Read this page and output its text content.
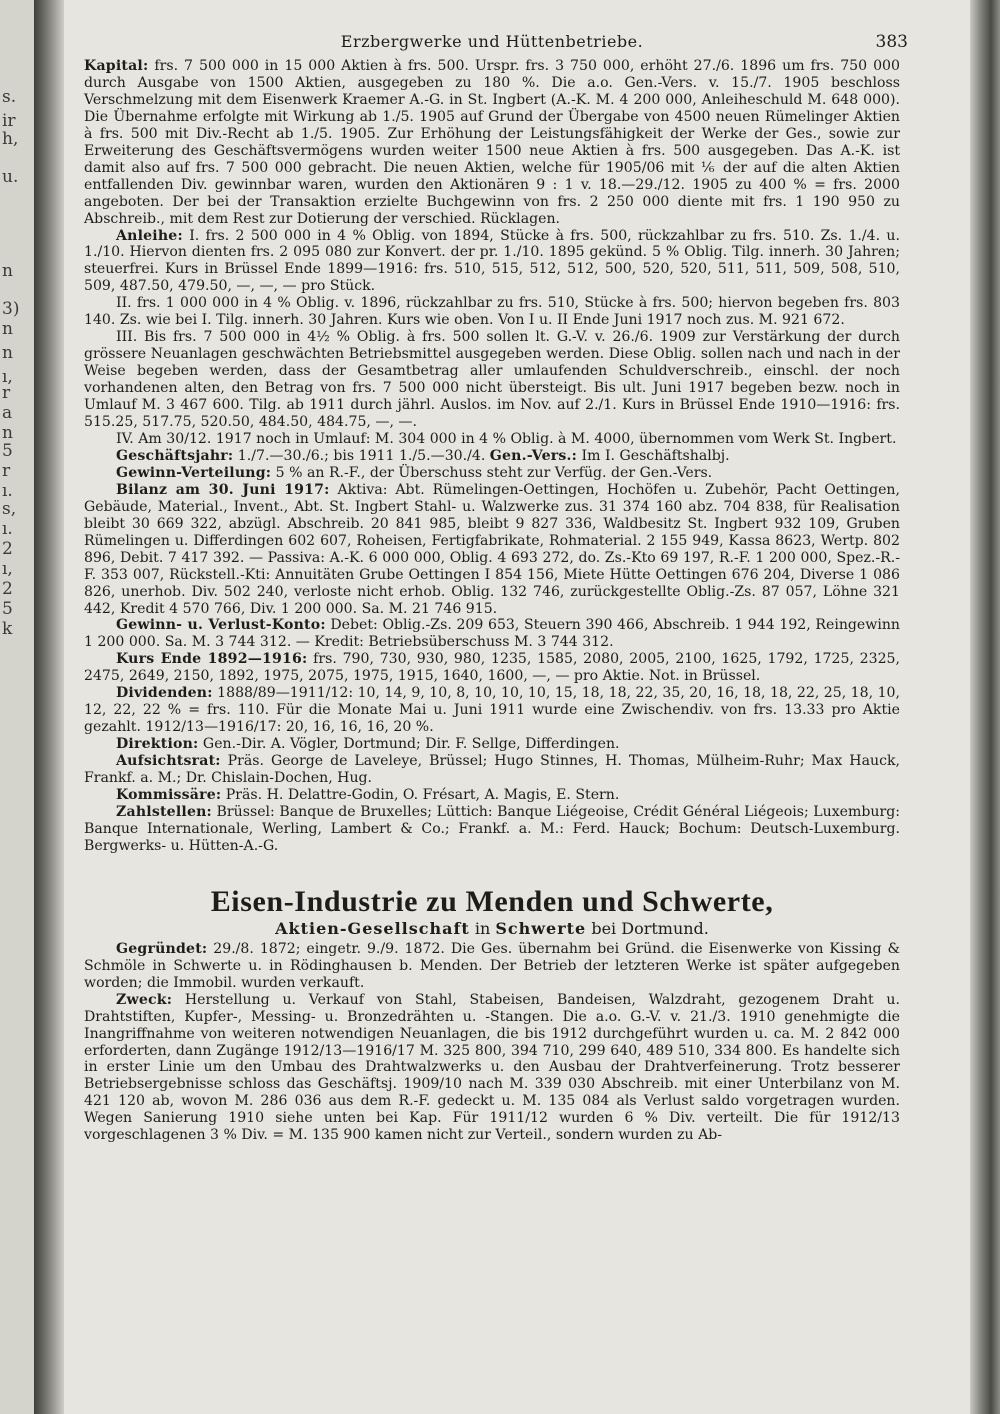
s.
ir
h,
u.
n
3)
n
n
ı,
r
a
n
5
r
ı.
s,
ı.
2
ı,
2
5
k
Erzbergwerke und Hüttenbetriebe.	383

Kapital: frs. 7 500 000 in 15 000 Aktien à frs. 500. Urspr. frs. 3 750 000, erhöht 27./6. 1896 um frs. 750 000 durch Ausgabe von 1500 Aktien, ausgegeben zu 180 %. Die a.o. Gen.-Vers. v. 15./7. 1905 beschloss Verschmelzung mit dem Eisenwerk Kraemer A.-G. in St. Ingbert (A.-K. M. 4 200 000, Anleiheschuld M. 648 000). Die Übernahme erfolgte mit Wirkung ab 1./5. 1905 auf Grund der Übergabe von 4500 neuen Rümelinger Aktien à frs. 500 mit Div.-Recht ab 1./5. 1905. Zur Erhöhung der Leistungsfähigkeit der Werke der Ges., sowie zur Erweiterung des Geschäftsvermögens wurden weiter 1500 neue Aktien à frs. 500 ausgegeben. Das A.-K. ist damit also auf frs. 7 500 000 gebracht. Die neuen Aktien, welche für 1905/06 mit ⅙ der auf die alten Aktien entfallenden Div. gewinnbar waren, wurden den Aktionären 9 : 1 v. 18.—29./12. 1905 zu 400 % = frs. 2000 angeboten. Der bei der Transaktion erzielte Buchgewinn von frs. 2 250 000 diente mit frs. 1 190 950 zu Abschreib., mit dem Rest zur Dotierung der verschied. Rücklagen.

Anleihe: I. frs. 2 500 000 in 4 % Oblig. von 1894, Stücke à frs. 500, rückzahlbar zu frs. 510. Zs. 1./4. u. 1./10. Hiervon dienten frs. 2 095 080 zur Konvert. der pr. 1./10. 1895 gekünd. 5 % Oblig. Tilg. innerh. 30 Jahren; steuerfrei. Kurs in Brüssel Ende 1899—1916: frs. 510, 515, 512, 512, 500, 520, 520, 511, 511, 509, 508, 510, 509, 487.50, 479.50, —, —, — pro Stück.

II. frs. 1 000 000 in 4 % Oblig. v. 1896, rückzahlbar zu frs. 510, Stücke à frs. 500; hiervon begeben frs. 803 140. Zs. wie bei I. Tilg. innerh. 30 Jahren. Kurs wie oben. Von I u. II Ende Juni 1917 noch zus. M. 921 672.

III. Bis frs. 7 500 000 in 4½ % Oblig. à frs. 500 sollen lt. G.-V. v. 26./6. 1909 zur Verstärkung der durch grössere Neuanlagen geschwächten Betriebsmittel ausgegeben werden. Diese Oblig. sollen nach und nach in der Weise begeben werden, dass der Gesamtbetrag aller umlaufenden Schuldverschreib., einschl. der noch vorhandenen alten, den Betrag von frs. 7 500 000 nicht übersteigt. Bis ult. Juni 1917 begeben bezw. noch in Umlauf M. 3 467 600. Tilg. ab 1911 durch jährl. Auslos. im Nov. auf 2./1. Kurs in Brüssel Ende 1910—1916: frs. 515.25, 517.75, 520.50, 484.50, 484.75, —, —.

IV. Am 30/12. 1917 noch in Umlauf: M. 304 000 in 4 % Oblig. à M. 4000, übernommen vom Werk St. Ingbert.

Geschäftsjahr: 1./7.—30./6.; bis 1911 1./5.—30./4. Gen.-Vers.: Im I. Geschäftshalbj.

Gewinn-Verteilung: 5 % an R.-F., der Überschuss steht zur Verfüg. der Gen.-Vers.

Bilanz am 30. Juni 1917: Aktiva: Abt. Rümelingen-Oettingen, Hochöfen u. Zubehör, Pacht Oettingen, Gebäude, Material., Invent., Abt. St. Ingbert Stahl- u. Walzwerke zus. 31 374 160 abz. 704 838, für Realisation bleibt 30 669 322, abzügl. Abschreib. 20 841 985, bleibt 9 827 336, Waldbesitz St. Ingbert 932 109, Gruben Rümelingen u. Differdingen 602 607, Roheisen, Fertigfabrikate, Rohmaterial. 2 155 949, Kassa 8623, Wertp. 802 896, Debit. 7 417 392. — Passiva: A.-K. 6 000 000, Oblig. 4 693 272, do. Zs.-Kto 69 197, R.-F. 1 200 000, Spez.-R.-F. 353 007, Rückstell.-Kti: Annuitäten Grube Oettingen I 854 156, Miete Hütte Oettingen 676 204, Diverse 1 086 826, unerhob. Div. 502 240, verloste nicht erhob. Oblig. 132 746, zurückgestellte Oblig.-Zs. 87 057, Löhne 321 442, Kredit 4 570 766, Div. 1 200 000. Sa. M. 21 746 915.

Gewinn- u. Verlust-Konto: Debet: Oblig.-Zs. 209 653, Steuern 390 466, Abschreib. 1 944 192, Reingewinn 1 200 000. Sa. M. 3 744 312. — Kredit: Betriebsüberschuss M. 3 744 312.

Kurs Ende 1892—1916: frs. 790, 730, 930, 980, 1235, 1585, 2080, 2005, 2100, 1625, 1792, 1725, 2325, 2475, 2649, 2150, 1892, 1975, 2075, 1975, 1915, 1640, 1600, —, — pro Aktie. Not. in Brüssel.

Dividenden: 1888/89—1911/12: 10, 14, 9, 10, 8, 10, 10, 10, 15, 18, 18, 22, 35, 20, 16, 18, 18, 22, 25, 18, 10, 12, 22, 22 % = frs. 110. Für die Monate Mai u. Juni 1911 wurde eine Zwischendiv. von frs. 13.33 pro Aktie gezahlt. 1912/13—1916/17: 20, 16, 16, 16, 20 %.

Direktion: Gen.-Dir. A. Vögler, Dortmund; Dir. F. Sellge, Differdingen.

Aufsichtsrat: Präs. George de Laveleye, Brüssel; Hugo Stinnes, H. Thomas, Mülheim-Ruhr; Max Hauck, Frankf. a. M.; Dr. Chislain-Dochen, Hug.

Kommissäre: Präs. H. Delattre-Godin, O. Frésart, A. Magis, E. Stern.

Zahlstellen: Brüssel: Banque de Bruxelles; Lüttich: Banque Liégeoise, Crédit Général Liégeois; Luxemburg: Banque Internationale, Werling, Lambert & Co.; Frankf. a. M.: Ferd. Hauck; Bochum: Deutsch-Luxemburg. Bergwerks- u. Hütten-A.-G.

Eisen-Industrie zu Menden und Schwerte,
Aktien-Gesellschaft in Schwerte bei Dortmund.

Gegründet: 29./8. 1872; eingetr. 9./9. 1872. Die Ges. übernahm bei Gründ. die Eisenwerke von Kissing & Schmöle in Schwerte u. in Rödinghausen b. Menden. Der Betrieb der letzteren Werke ist später aufgegeben worden; die Immobil. wurden verkauft.

Zweck: Herstellung u. Verkauf von Stahl, Stabeisen, Bandeisen, Walzdraht, gezogenem Draht u. Drahtstiften, Kupfer-, Messing- u. Bronzedrähten u. -Stangen. Die a.o. G.-V. v. 21./3. 1910 genehmigte die Inangriffnahme von weiteren notwendigen Neuanlagen, die bis 1912 durchgeführt wurden u. ca. M. 2 842 000 erforderten, dann Zugänge 1912/13—1916/17 M. 325 800, 394 710, 299 640, 489 510, 334 800. Es handelte sich in erster Linie um den Umbau des Drahtwalzwerks u. den Ausbau der Drahtverfeinerung. Trotz besserer Betriebsergebnisse schloss das Geschäftsj. 1909/10 nach M. 339 030 Abschreib. mit einer Unterbilanz von M. 421 120 ab, wovon M. 286 036 aus dem R.-F. gedeckt u. M. 135 084 als Verlust saldo vorgetragen wurden. Wegen Sanierung 1910 siehe unten bei Kap. Für 1911/12 wurden 6 % Div. verteilt. Die für 1912/13 vorgeschlagenen 3 % Div. = M. 135 900 kamen nicht zur Verteil., sondern wurden zu Ab-
